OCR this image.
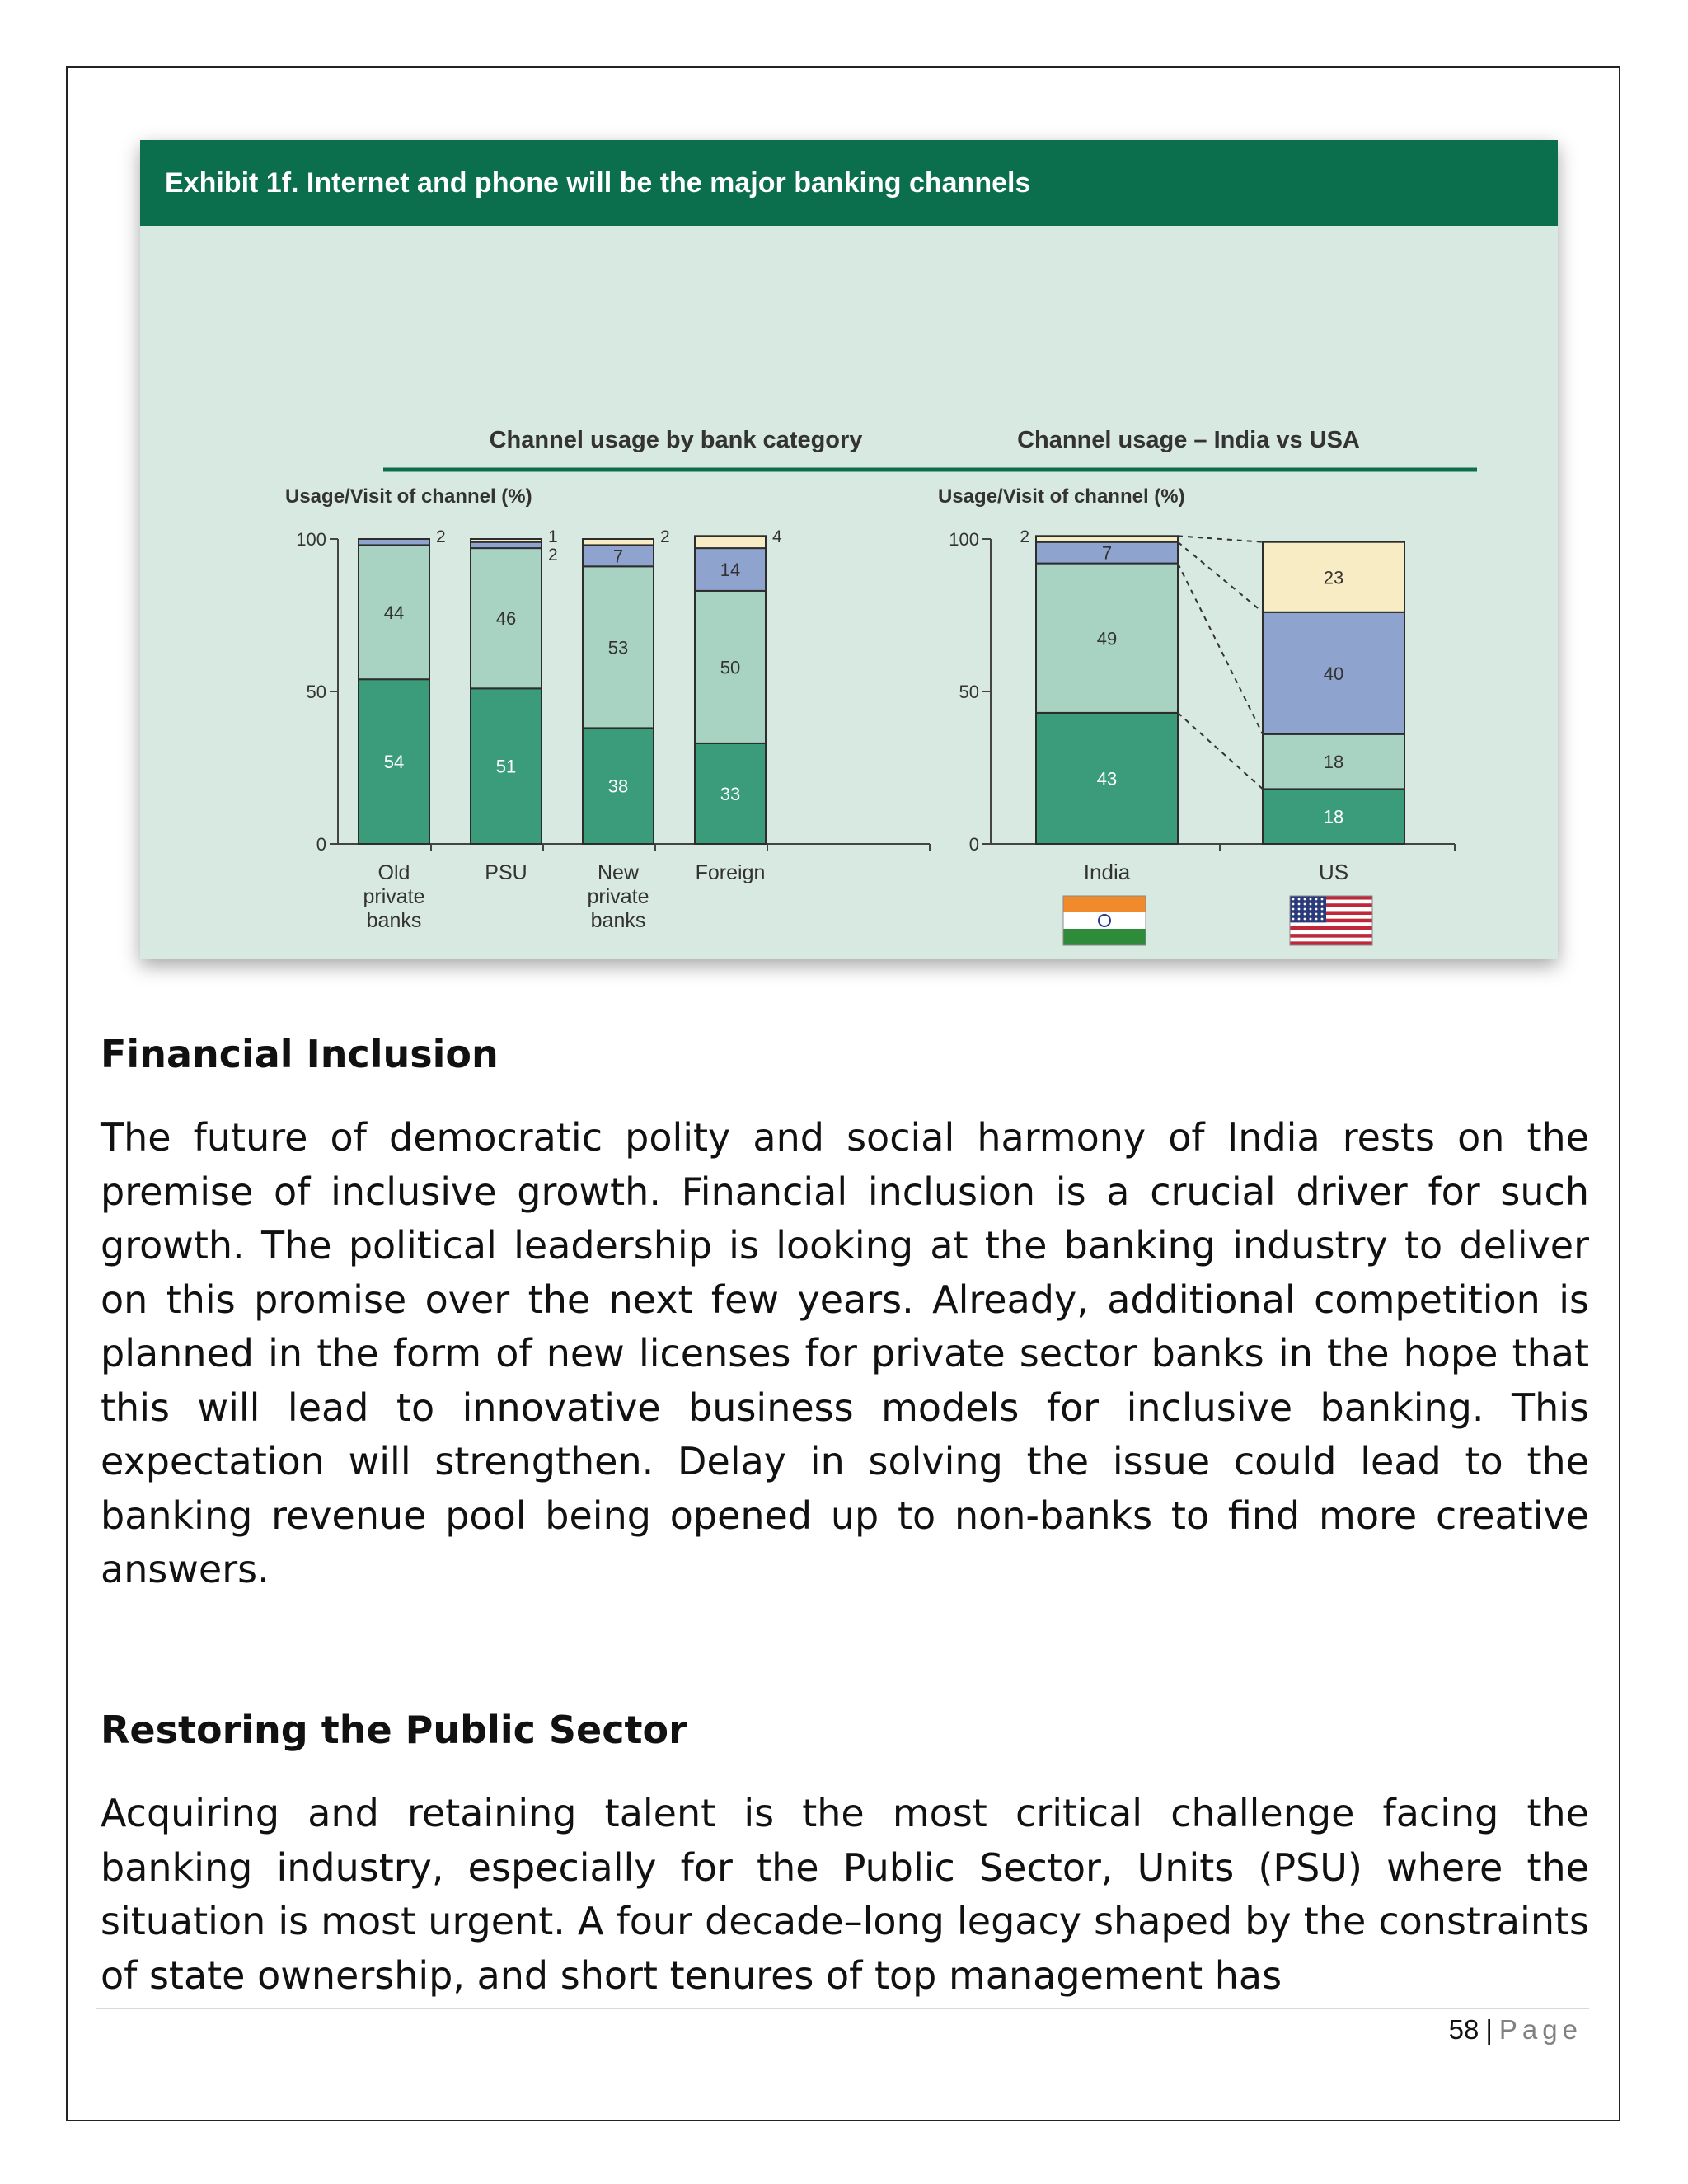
Exhibit 1f. Internet and phone will be the major banking channels
Channel usage by bank category
Usage/Visit of channel (%)
0
50
100
54
44
51
46
38
53
7
33
50
14
2	1
2
2	4
Old
private
banks
PSU	New
private
banks
Foreign
Channel usage – India vs USA
Usage/Visit of channel (%)
0
50
100
43
49
7
18
18
40
23
2
India	US
Financial Inclusion

The future of democratic polity and social harmony of India rests on the premise of inclusive growth. Financial inclusion is a crucial driver for such growth. The political leadership is looking at the banking industry to deliver on this promise over the next few years. Already, additional competition is planned in the form of new licenses for private sector banks in the hope that this will lead to innovative business models for inclusive banking. This expectation will strengthen. Delay in solving the issue could lead to the banking revenue pool being opened up to non-banks to find more creative answers.

Restoring the Public Sector

Acquiring and retaining talent is the most critical challenge facing the banking industry, especially for the Public Sector, Units (PSU) where the situation is most urgent. A four decade–long legacy shaped by the constraints of state ownership, and short tenures of top management has

58 | Page
